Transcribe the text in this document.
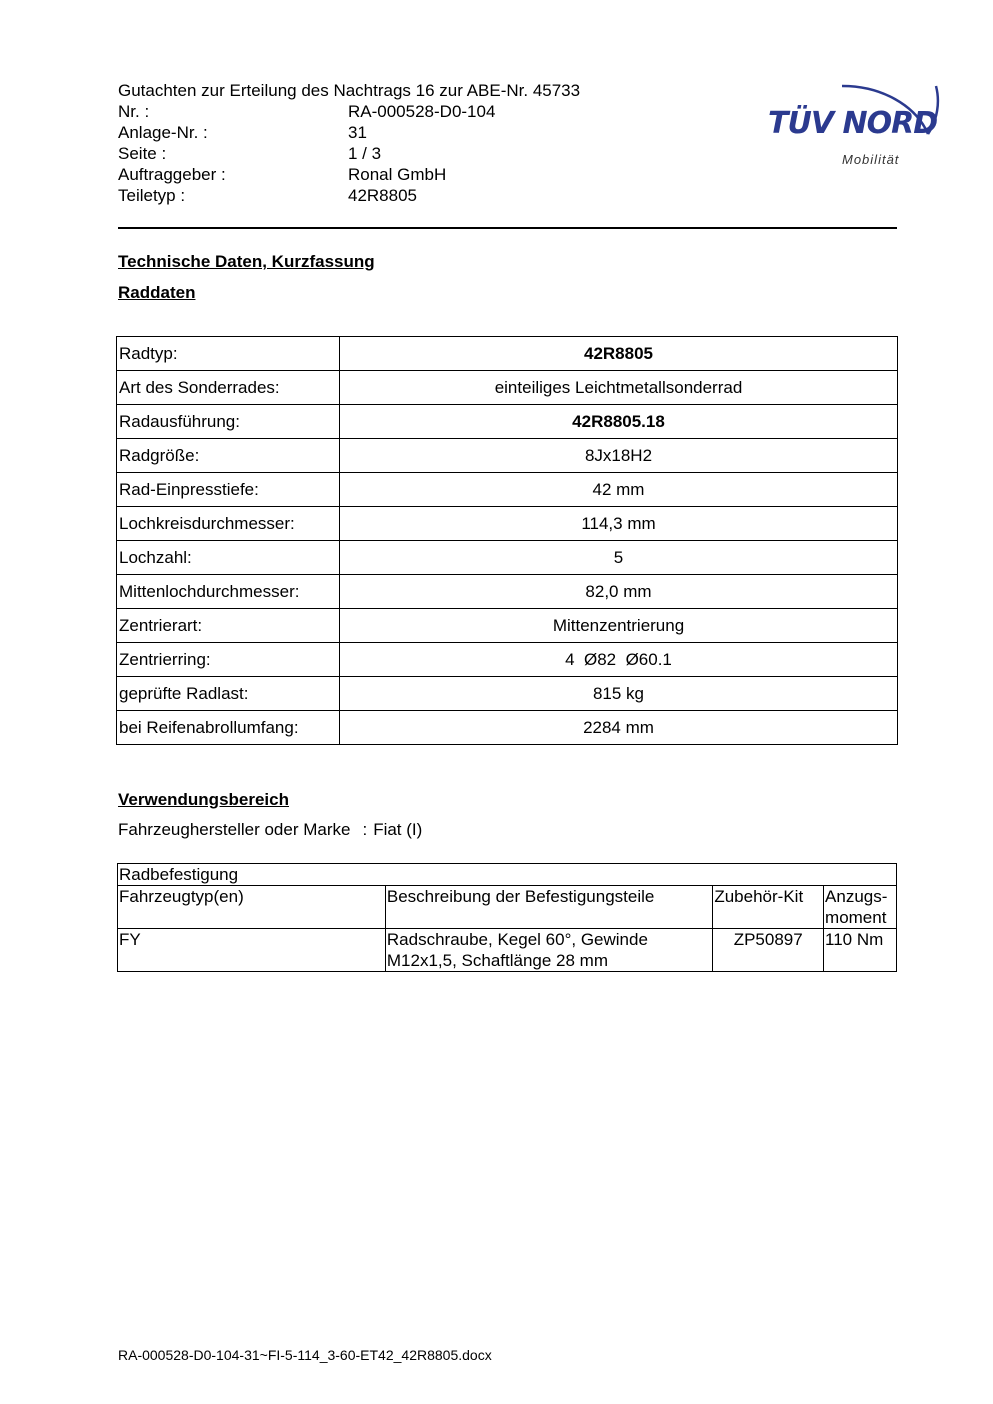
Gutachten zur Erteilung des Nachtrags 16 zur ABE-Nr. 45733
Nr. :	RA-000528-D0-104
Anlage-Nr. :	31
Seite :	1 / 3
Auftraggeber :	Ronal GmbH
Teiletyp :	42R8805
TÜV NORD
Mobilität
Technische Daten, Kurzfassung
Raddaten
Radtyp:	42R8805
Art des Sonderrades:	einteiliges Leichtmetallsonderrad
Radausführung:	42R8805.18
Radgröße:	8Jx18H2
Rad-Einpresstiefe:	42 mm
Lochkreisdurchmesser:	114,3 mm
Lochzahl:	5
Mittenlochdurchmesser:	82,0 mm
Zentrierart:	Mittenzentrierung
Zentrierring:	4  Ø82  Ø60.1
geprüfte Radlast:	815 kg
bei Reifenabrollumfang:	2284 mm
Verwendungsbereich
Fahrzeughersteller oder Marke : Fiat (I)
Radbefestigung			
Fahrzeugtyp(en)	Beschreibung der Befestigungsteile	Zubehör-Kit	Anzugs-
moment

FY	Radschraube, Kegel 60°, Gewinde
M12x1,5, Schaftlänge 28 mm	ZP50897	110 Nm
RA-000528-D0-104-31~FI-5-114_3-60-ET42_42R8805.docx
